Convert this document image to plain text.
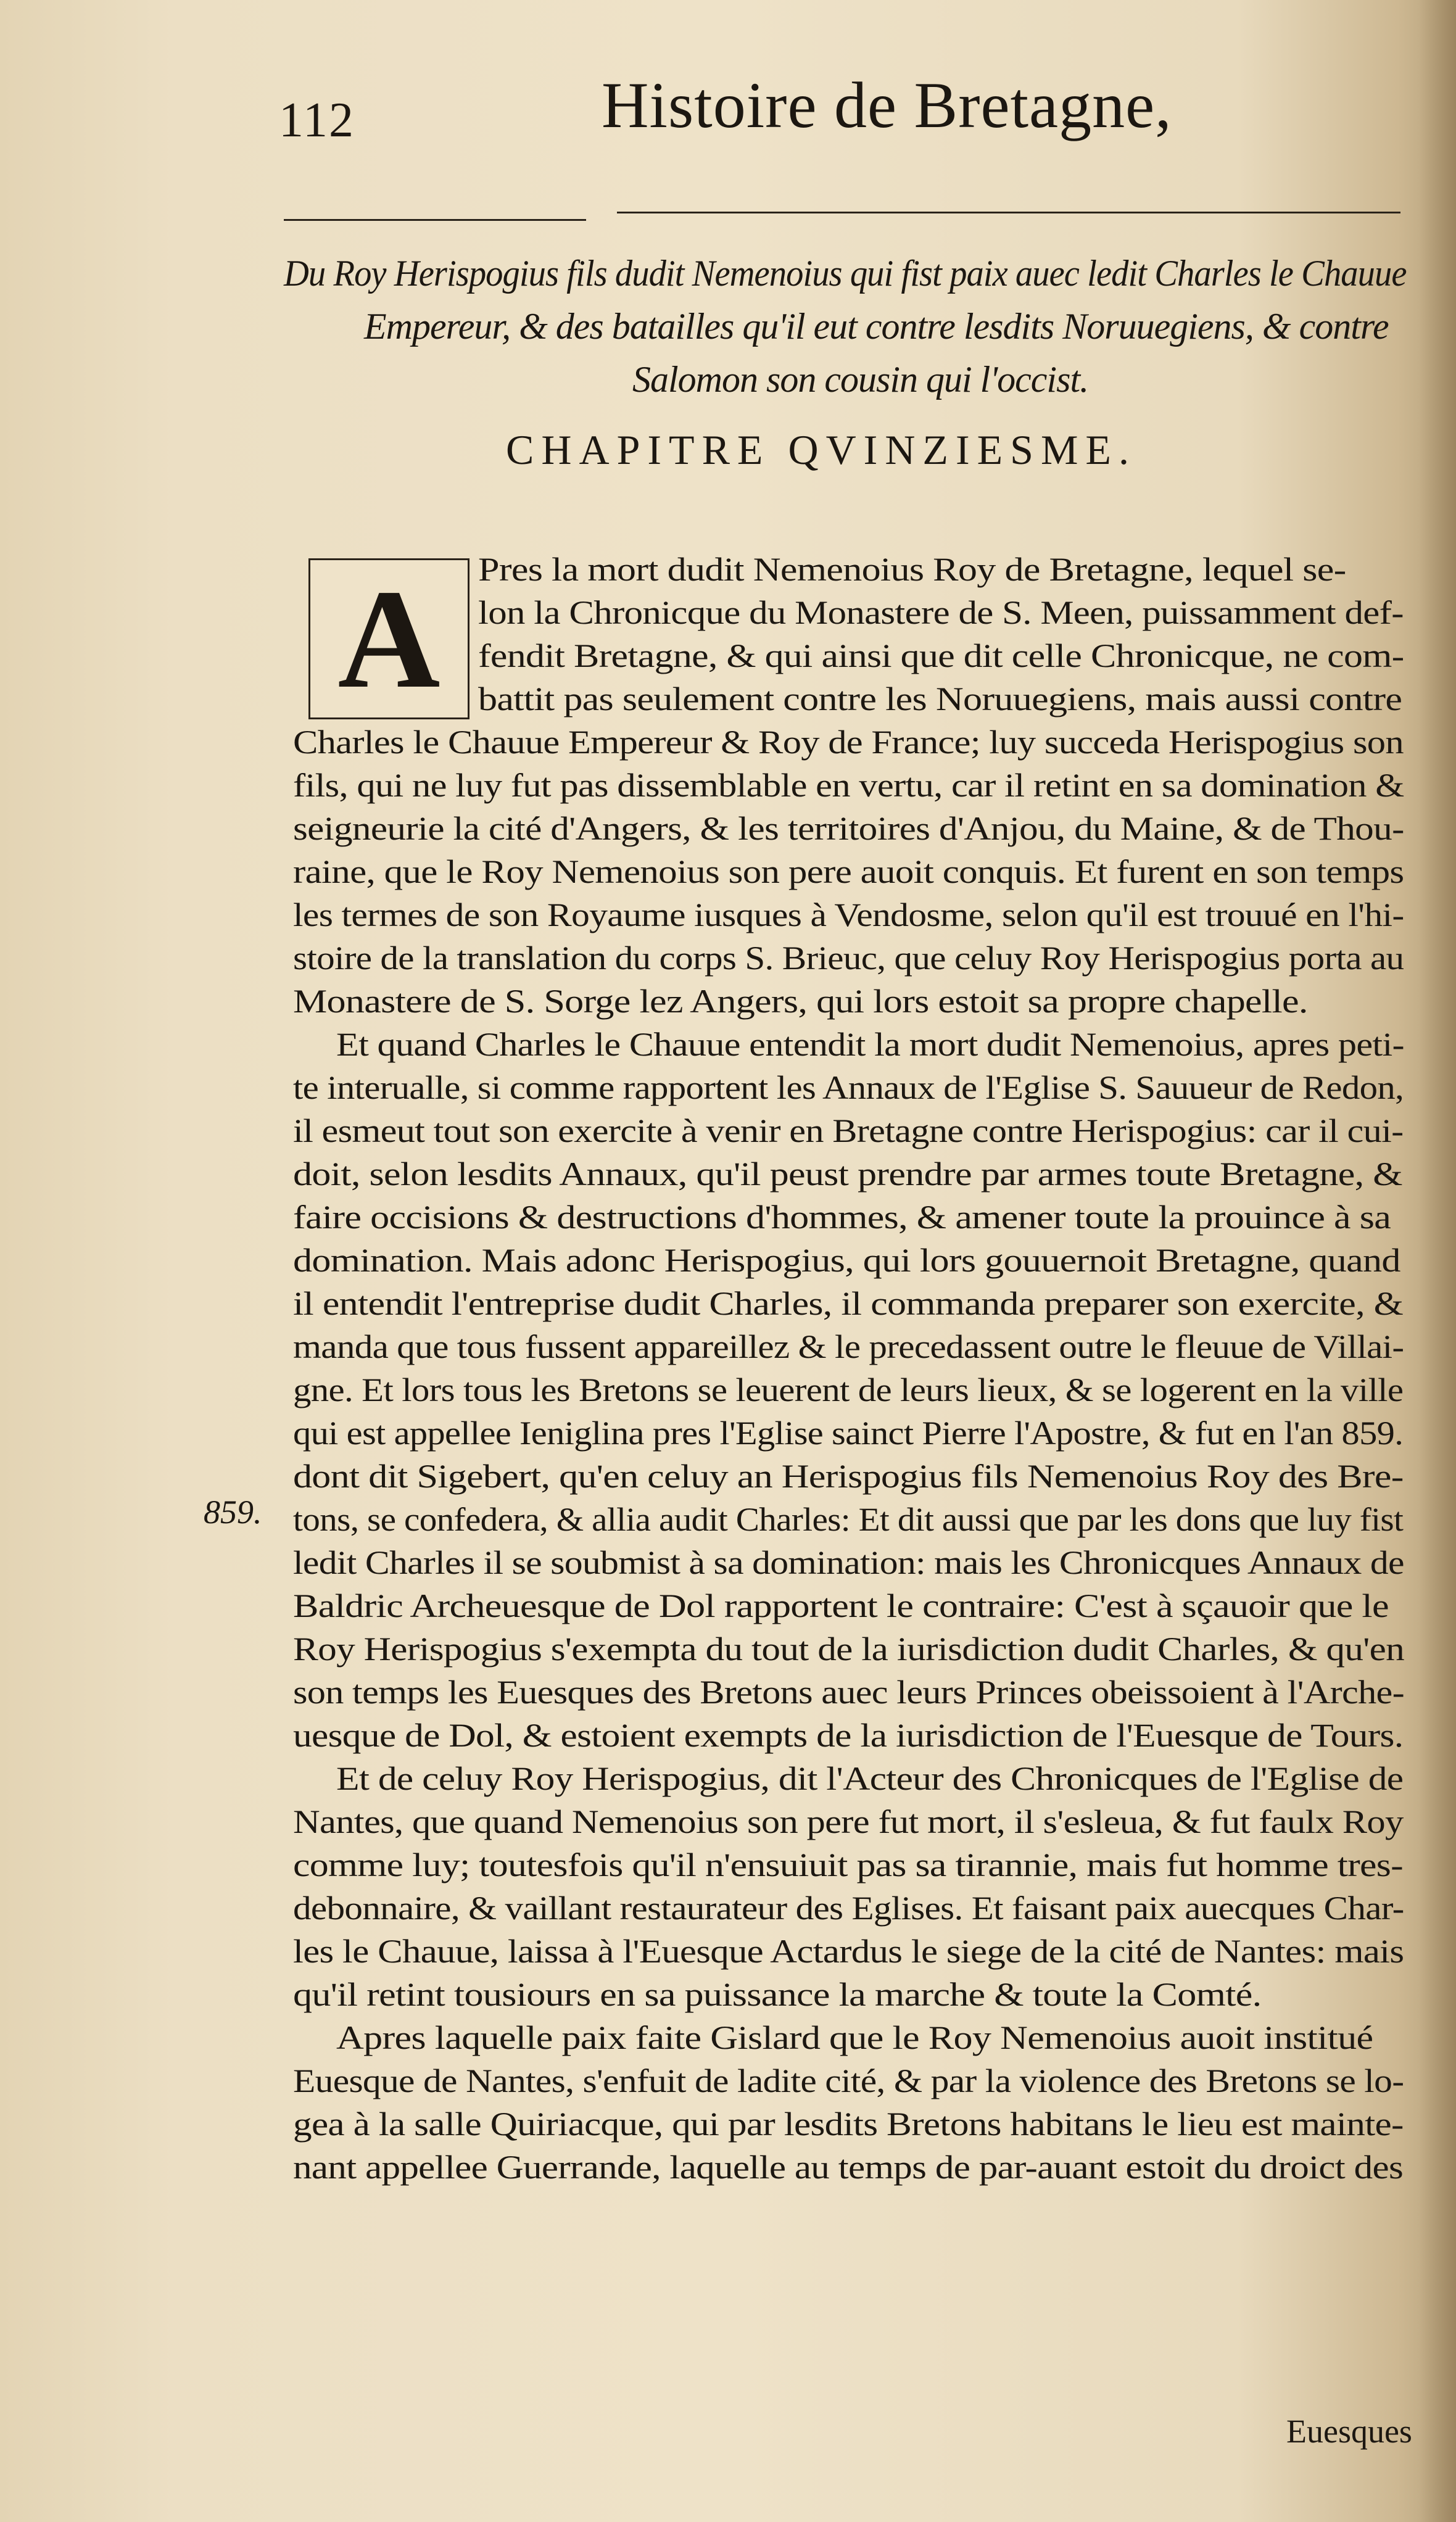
112	Histoire de Bretagne,
Du Roy Herispogius fils dudit Nemenoius qui fist paix auec ledit Charles le Chauue
Empereur, & des batailles qu'il eut contre lesdits Noruuegiens, & contre
Salomon son cousin qui l'occist.
CHAPITRE QVINZIESME.
A	Pres la mort dudit Nemenoius Roy de Bretagne, lequel se-
lon la Chronicque du Monastere de S. Meen, puissamment def-
fendit Bretagne, & qui ainsi que dit celle Chronicque, ne com-
battit pas seulement contre les Noruuegiens, mais aussi contre
Charles le Chauue Empereur & Roy de France; luy succeda Herispogius son
fils, qui ne luy fut pas dissemblable en vertu, car il retint en sa domination &
seigneurie la cité d'Angers, & les territoires d'Anjou, du Maine, & de Thou-
raine, que le Roy Nemenoius son pere auoit conquis. Et furent en son temps
les termes de son Royaume iusques à Vendosme, selon qu'il est trouué en l'hi-
stoire de la translation du corps S. Brieuc, que celuy Roy Herispogius porta au
Monastere de S. Sorge lez Angers, qui lors estoit sa propre chapelle.
Et quand Charles le Chauue entendit la mort dudit Nemenoius, apres peti-
te interualle, si comme rapportent les Annaux de l'Eglise S. Sauueur de Redon,
il esmeut tout son exercite à venir en Bretagne contre Herispogius: car il cui-
doit, selon lesdits Annaux, qu'il peust prendre par armes toute Bretagne, &
faire occisions & destructions d'hommes, & amener toute la prouince à sa
domination. Mais adonc Herispogius, qui lors gouuernoit Bretagne, quand
il entendit l'entreprise dudit Charles, il commanda preparer son exercite, &
manda que tous fussent appareillez & le precedassent outre le fleuue de Villai-
gne. Et lors tous les Bretons se leuerent de leurs lieux, & se logerent en la ville
qui est appellee Ieniglina pres l'Eglise sainct Pierre l'Apostre, & fut en l'an 859.
dont dit Sigebert, qu'en celuy an Herispogius fils Nemenoius Roy des Bre-
tons, se confedera, & allia audit Charles: Et dit aussi que par les dons que luy fist
ledit Charles il se soubmist à sa domination: mais les Chronicques Annaux de
Baldric Archeuesque de Dol rapportent le contraire: C'est à sçauoir que le
Roy Herispogius s'exempta du tout de la iurisdiction dudit Charles, & qu'en
son temps les Euesques des Bretons auec leurs Princes obeissoient à l'Arche-
uesque de Dol, & estoient exempts de la iurisdiction de l'Euesque de Tours.
Et de celuy Roy Herispogius, dit l'Acteur des Chronicques de l'Eglise de
Nantes, que quand Nemenoius son pere fut mort, il s'esleua, & fut faulx Roy
comme luy; toutesfois qu'il n'ensuiuit pas sa tirannie, mais fut homme tres-
debonnaire, & vaillant restaurateur des Eglises. Et faisant paix auecques Char-
les le Chauue, laissa à l'Euesque Actardus le siege de la cité de Nantes: mais
qu'il retint tousiours en sa puissance la marche & toute la Comté.
Apres laquelle paix faite Gislard que le Roy Nemenoius auoit institué
Euesque de Nantes, s'enfuit de ladite cité, & par la violence des Bretons se lo-
gea à la salle Quiriacque, qui par lesdits Bretons habitans le lieu est mainte-
nant appellee Guerrande, laquelle au temps de par-auant estoit du droict des
859.
Euesques
